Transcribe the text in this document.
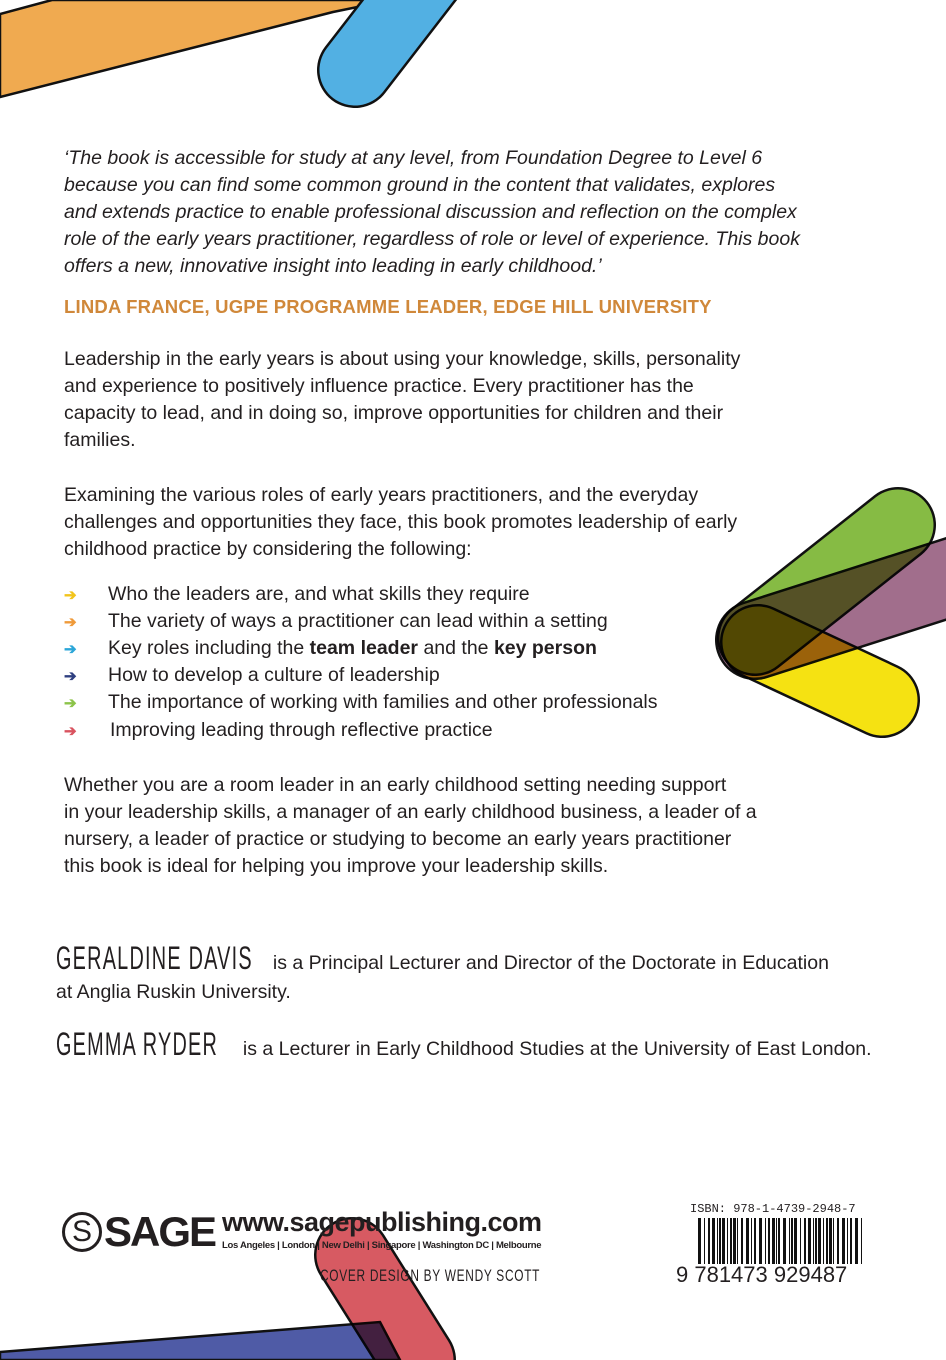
‘The book is accessible for study at any level, from Foundation Degree to Level 6
because you can find some common ground in the content that validates, explores
and extends practice to enable professional discussion and reflection on the complex
role of the early years practitioner, regardless of role or level of experience. This book
offers a new, innovative insight into leading in early childhood.’
LINDA FRANCE, UGPE PROGRAMME LEADER, EDGE HILL UNIVERSITY
Leadership in the early years is about using your knowledge, skills, personality
and experience to positively influence practice. Every practitioner has the
capacity to lead, and in doing so, improve opportunities for children and their
families.
Examining the various roles of early years practitioners, and the everyday
challenges and opportunities they face, this book promotes leadership of early
childhood practice by considering the following:
➔ Who the leaders are, and what skills they require
➔ The variety of ways a practitioner can lead within a setting
➔ Key roles including the team leader and the key person
➔ How to develop a culture of leadership
➔ The importance of working with families and other professionals
➔ Improving leading through reflective practice
Whether you are a room leader in an early childhood setting needing support
in your leadership skills, a manager of an early childhood business, a leader of a
nursery, a leader of practice or studying to become an early years practitioner
this book is ideal for helping you improve your leadership skills.
GERALDINE DAVIS is a Principal Lecturer and Director of the Doctorate in Education
at Anglia Ruskin University.
GEMMA RYDER is a Lecturer in Early Childhood Studies at the University of East London.
S SAGE www.sagepublishing.com
Los Angeles | London | New Delhi | Singapore | Washington DC | Melbourne
COVER DESIGN BY WENDY SCOTT
ISBN: 978-1-4739-2948-7
9 781473 929487
